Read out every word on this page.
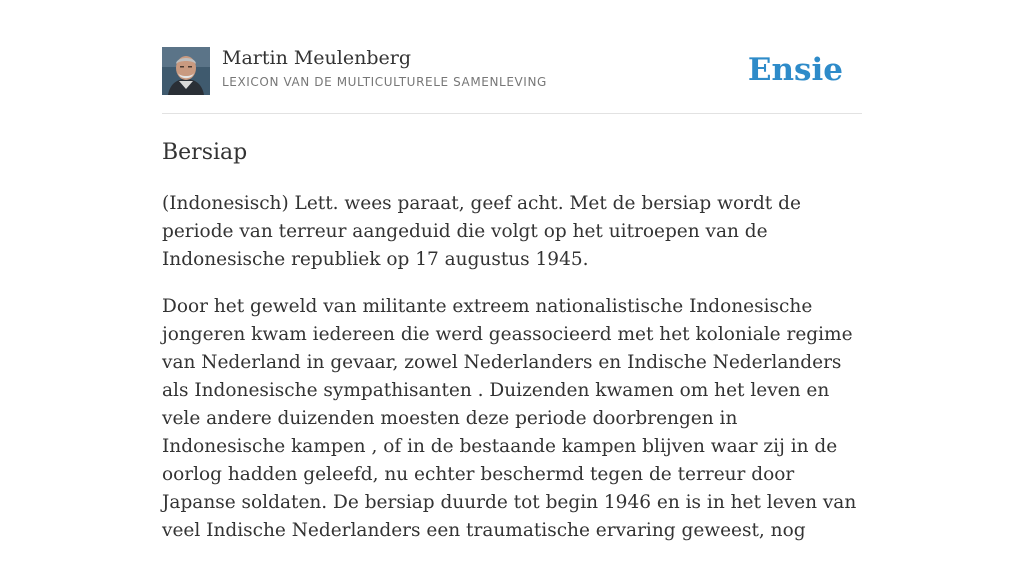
Martin Meulenberg
LEXICON VAN DE MULTICULTURELE SAMENLEVING	Ensie
Bersiap

(Indonesisch) Lett. wees paraat, geef acht. Met de bersiap wordt de periode van terreur aangeduid die volgt op het uitroepen van de Indonesische republiek op 17 augustus 1945.

Door het geweld van militante extreem nationalistische Indonesische jongeren kwam iedereen die werd geassocieerd met het koloniale regime van Nederland in gevaar, zowel Nederlanders en Indische Nederlanders als Indonesische sympathisanten . Duizenden kwamen om het leven en vele andere duizenden moesten deze periode doorbrengen in Indonesische kampen , of in de bestaande kampen blijven waar zij in de oorlog hadden geleefd, nu echter beschermd tegen de terreur door Japanse soldaten. De bersiap duurde tot begin 1946 en is in het leven van veel Indische Nederlanders een traumatische ervaring geweest, nog
